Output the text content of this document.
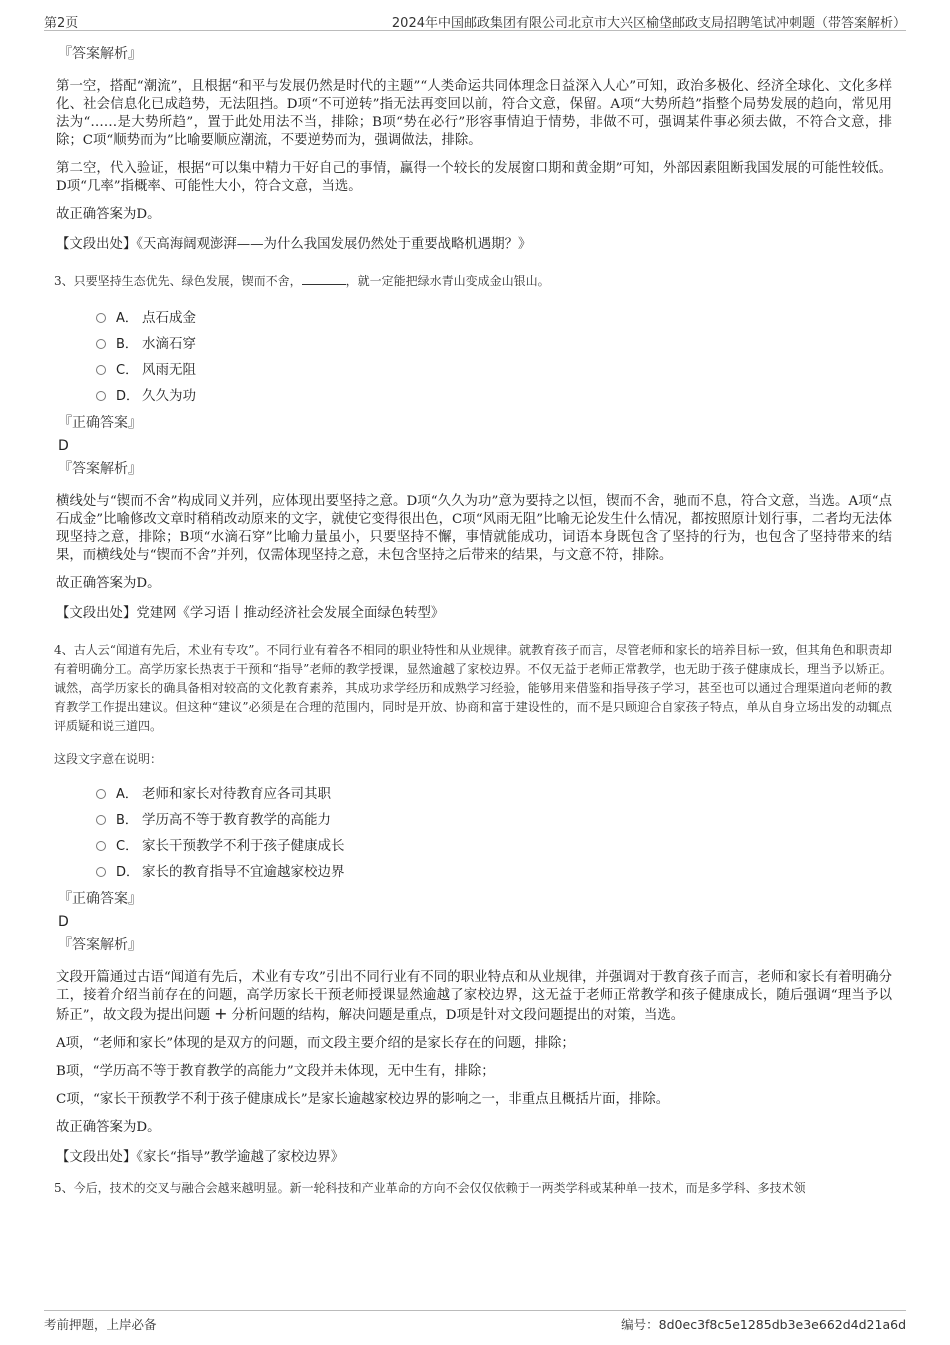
第2页	2024年中国邮政集团有限公司北京市大兴区榆垡邮政支局招聘笔试冲刺题（带答案解析）
『答案解析』

第一空，搭配“潮流”，且根据“和平与发展仍然是时代的主题”“人类命运共同体理念日益深入人心”可知，政治多极化、经济全球化、文化多样化、社会信息化已成趋势，无法阻挡。D项“不可逆转”指无法再变回以前，符合文意，保留。A项“大势所趋”指整个局势发展的趋向，常见用法为“……是大势所趋”，置于此处用法不当，排除；B项“势在必行”形容事情迫于情势，非做不可，强调某件事必须去做，不符合文意，排除；C项“顺势而为”比喻要顺应潮流，不要逆势而为，强调做法，排除。

第二空，代入验证，根据“可以集中精力干好自己的事情，赢得一个较长的发展窗口期和黄金期”可知，外部因素阻断我国发展的可能性较低。D项“几率”指概率、可能性大小，符合文意，当选。

故正确答案为D。

【文段出处】《天高海阔观澎湃——为什么我国发展仍然处于重要战略机遇期？》

3、只要坚持生态优先、绿色发展，锲而不舍，	，就一定能把绿水青山变成金山银山。
A． 点石成金
B． 水滴石穿
C． 风雨无阻
D． 久久为功
『正确答案』
D
『答案解析』

横线处与“锲而不舍”构成同义并列，应体现出要坚持之意。D项“久久为功”意为要持之以恒，锲而不舍，驰而不息，符合文意，当选。A项“点石成金”比喻修改文章时稍稍改动原来的文字，就使它变得很出色，C项“风雨无阻”比喻无论发生什么情况，都按照原计划行事，二者均无法体现坚持之意，排除；B项“水滴石穿”比喻力量虽小，只要坚持不懈，事情就能成功，词语本身既包含了坚持的行为，也包含了坚持带来的结果，而横线处与“锲而不舍”并列，仅需体现坚持之意，未包含坚持之后带来的结果，与文意不符，排除。

故正确答案为D。

【文段出处】党建网《学习语丨推动经济社会发展全面绿色转型》

4、古人云“闻道有先后，术业有专攻”。不同行业有着各不相同的职业特性和从业规律。就教育孩子而言，尽管老师和家长的培养目标一致，但其角色和职责却有着明确分工。高学历家长热衷于干预和“指导”老师的教学授课，显然逾越了家校边界。不仅无益于老师正常教学，也无助于孩子健康成长，理当予以矫正。诚然，高学历家长的确具备相对较高的文化教育素养，其成功求学经历和成熟学习经验，能够用来借鉴和指导孩子学习，甚至也可以通过合理渠道向老师的教育教学工作提出建议。但这种“建议”必须是在合理的范围内，同时是开放、协商和富于建设性的，而不是只顾迎合自家孩子特点，单从自身立场出发的动辄点评质疑和说三道四。
这段文字意在说明：
A． 老师和家长对待教育应各司其职
B． 学历高不等于教育教学的高能力
C． 家长干预教学不利于孩子健康成长
D． 家长的教育指导不宜逾越家校边界
『正确答案』
D
『答案解析』

文段开篇通过古语“闻道有先后，术业有专攻”引出不同行业有不同的职业特点和从业规律，并强调对于教育孩子而言，老师和家长有着明确分工，接着介绍当前存在的问题，高学历家长干预老师授课显然逾越了家校边界，这无益于老师正常教学和孩子健康成长，随后强调“理当予以矫正”，故文段为提出问题 + 分析问题的结构，解决问题是重点，D项是针对文段问题提出的对策，当选。

A项，“老师和家长”体现的是双方的问题，而文段主要介绍的是家长存在的问题，排除；

B项，“学历高不等于教育教学的高能力”文段并未体现，无中生有，排除；

C项，“家长干预教学不利于孩子健康成长”是家长逾越家校边界的影响之一，非重点且概括片面，排除。

故正确答案为D。

【文段出处】《家长“指导”教学逾越了家校边界》

5、今后，技术的交叉与融合会越来越明显。新一轮科技和产业革命的方向不会仅仅依赖于一两类学科或某种单一技术，而是多学科、多技术领
考前押题，上岸必备	编号：8d0ec3f8c5e1285db3e3e662d4d21a6d
